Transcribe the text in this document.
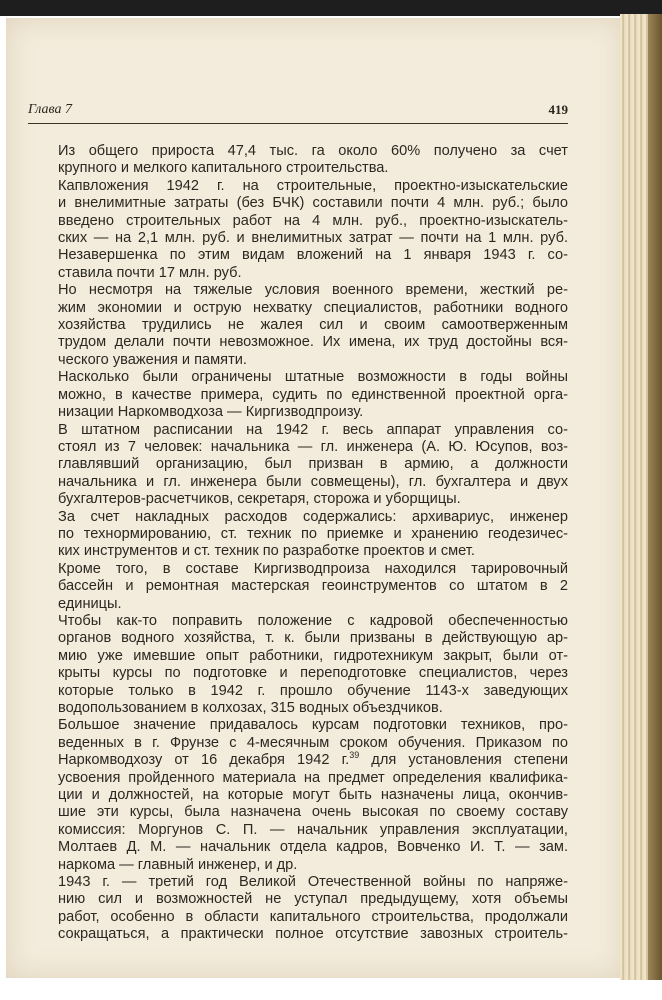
Глава 7	419

Из общего прироста 47,4 тыс. га около 60% получено за счет
крупного и мелкого капитального строительства.

Капвложения 1942 г. на строительные, проектно-изыскательские
и внелимитные затраты (без БЧК) составили почти 4 млн. руб.; было
введено строительных работ на 4 млн. руб., проектно-изыскатель-
ских — на 2,1 млн. руб. и внелимитных затрат — почти на 1 млн. руб.

Незавершенка по этим видам вложений на 1 января 1943 г. со-
ставила почти 17 млн. руб.

Но несмотря на тяжелые условия военного времени, жесткий ре-
жим экономии и острую нехватку специалистов, работники водного
хозяйства трудились не жалея сил и своим самоотверженным
трудом делали почти невозможное. Их имена, их труд достойны вся-
ческого уважения и памяти.

Насколько были ограничены штатные возможности в годы войны
можно, в качестве примера, судить по единственной проектной орга-
низации Наркомводхоза — Киргизводпроизу.

В штатном расписании на 1942 г. весь аппарат управления со-
стоял из 7 человек: начальника — гл. инженера (А. Ю. Юсупов, воз-
главлявший организацию, был призван в армию, а должности
начальника и гл. инженера были совмещены), гл. бухгалтера и двух
бухгалтеров-расчетчиков, секретаря, сторожа и уборщицы.

За счет накладных расходов содержались: архивариус, инженер
по технормированию, ст. техник по приемке и хранению геодезичес-
ких инструментов и ст. техник по разработке проектов и смет.

Кроме того, в составе Киргизводпроиза находился тарировочный
бассейн и ремонтная мастерская геоинструментов со штатом в 2
единицы.

Чтобы как-то поправить положение с кадровой обеспеченностью
органов водного хозяйства, т. к. были призваны в действующую ар-
мию уже имевшие опыт работники, гидротехникум закрыт, были от-
крыты курсы по подготовке и переподготовке специалистов, через
которые только в 1942 г. прошло обучение 1143-х заведующих
водопользованием в колхозах, 315 водных объездчиков.

Большое значение придавалось курсам подготовки техников, про-
веденных в г. Фрунзе с 4-месячным сроком обучения. Приказом по
Наркомводхозу от 16 декабря 1942 г.$^{39}$ для установления степени
усвоения пройденного материала на предмет определения квалифика-
ции и должностей, на которые могут быть назначены лица, окончив-
шие эти курсы, была назначена очень высокая по своему составу
комиссия: Моргунов С. П. — начальник управления эксплуатации,
Молтаев Д. М. — начальник отдела кадров, Вовченко И. Т. — зам.
наркома — главный инженер, и др.

1943 г. — третий год Великой Отечественной войны по напряже-
нию сил и возможностей не уступал предыдущему, хотя объемы
работ, особенно в области капитального строительства, продолжали
сокращаться, а практически полное отсутствие завозных строитель-
